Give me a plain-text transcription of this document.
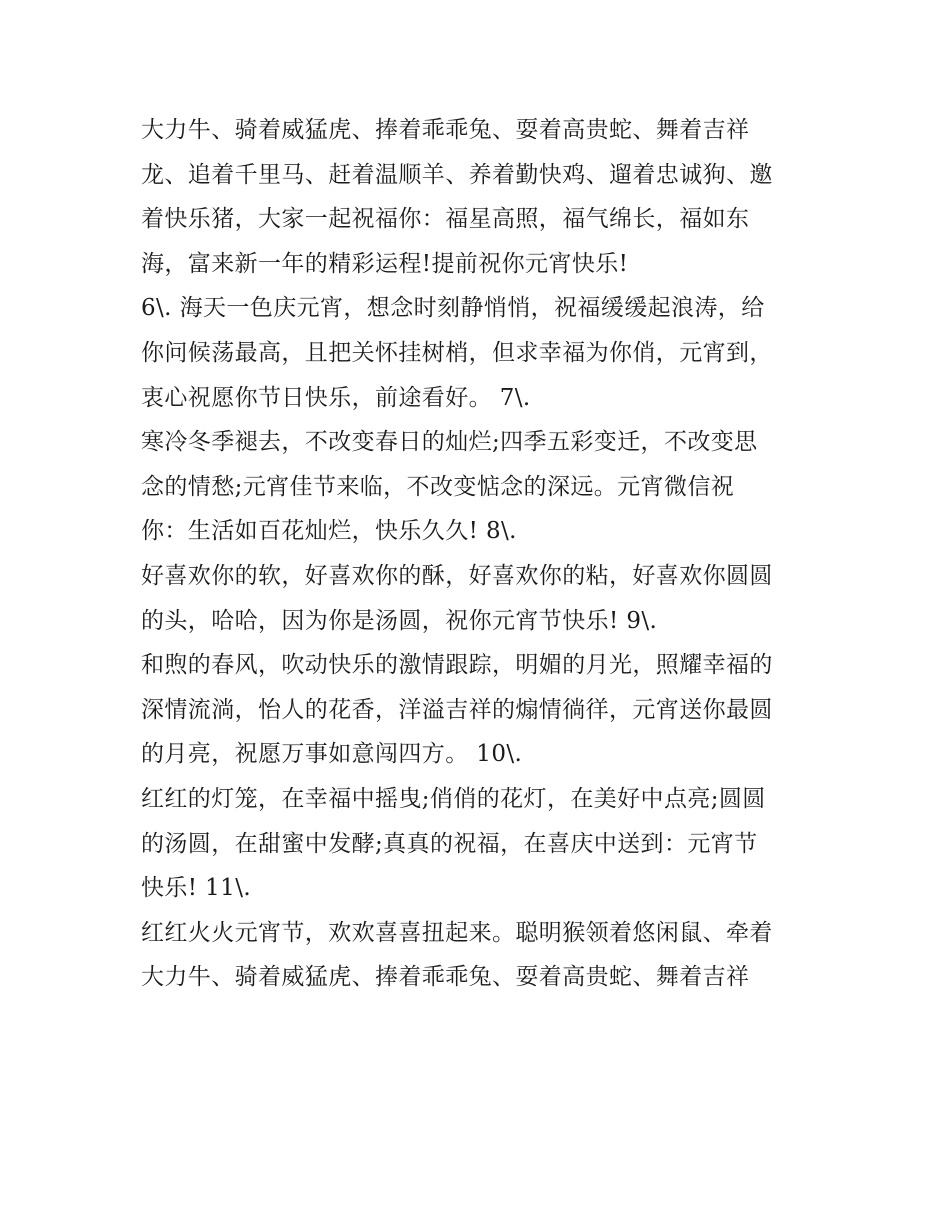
大力牛、骑着威猛虎、捧着乖乖兔、耍着高贵蛇、舞着吉祥
龙、追着千里马、赶着温顺羊、养着勤快鸡、遛着忠诚狗、邀
着快乐猪，大家一起祝福你：福星高照，福气绵长，福如东
海，富来新一年的精彩运程!提前祝你元宵快乐!
6\. 海天一色庆元宵，想念时刻静悄悄，祝福缓缓起浪涛，给
你问候荡最高，且把关怀挂树梢，但求幸福为你俏，元宵到，
衷心祝愿你节日快乐，前途看好。 7\.
寒冷冬季褪去，不改变春日的灿烂;四季五彩变迁，不改变思
念的情愁;元宵佳节来临，不改变惦念的深远。元宵微信祝
你：生活如百花灿烂，快乐久久! 8\.
好喜欢你的软，好喜欢你的酥，好喜欢你的粘，好喜欢你圆圆
的头，哈哈，因为你是汤圆，祝你元宵节快乐! 9\.
和煦的春风，吹动快乐的激情跟踪，明媚的月光，照耀幸福的
深情流淌，怡人的花香，洋溢吉祥的煽情徜徉，元宵送你最圆
的月亮，祝愿万事如意闯四方。 10\.
红红的灯笼，在幸福中摇曳;俏俏的花灯，在美好中点亮;圆圆
的汤圆，在甜蜜中发酵;真真的祝福，在喜庆中送到：元宵节
快乐! 11\.
红红火火元宵节，欢欢喜喜扭起来。聪明猴领着悠闲鼠、牵着
大力牛、骑着威猛虎、捧着乖乖兔、耍着高贵蛇、舞着吉祥
